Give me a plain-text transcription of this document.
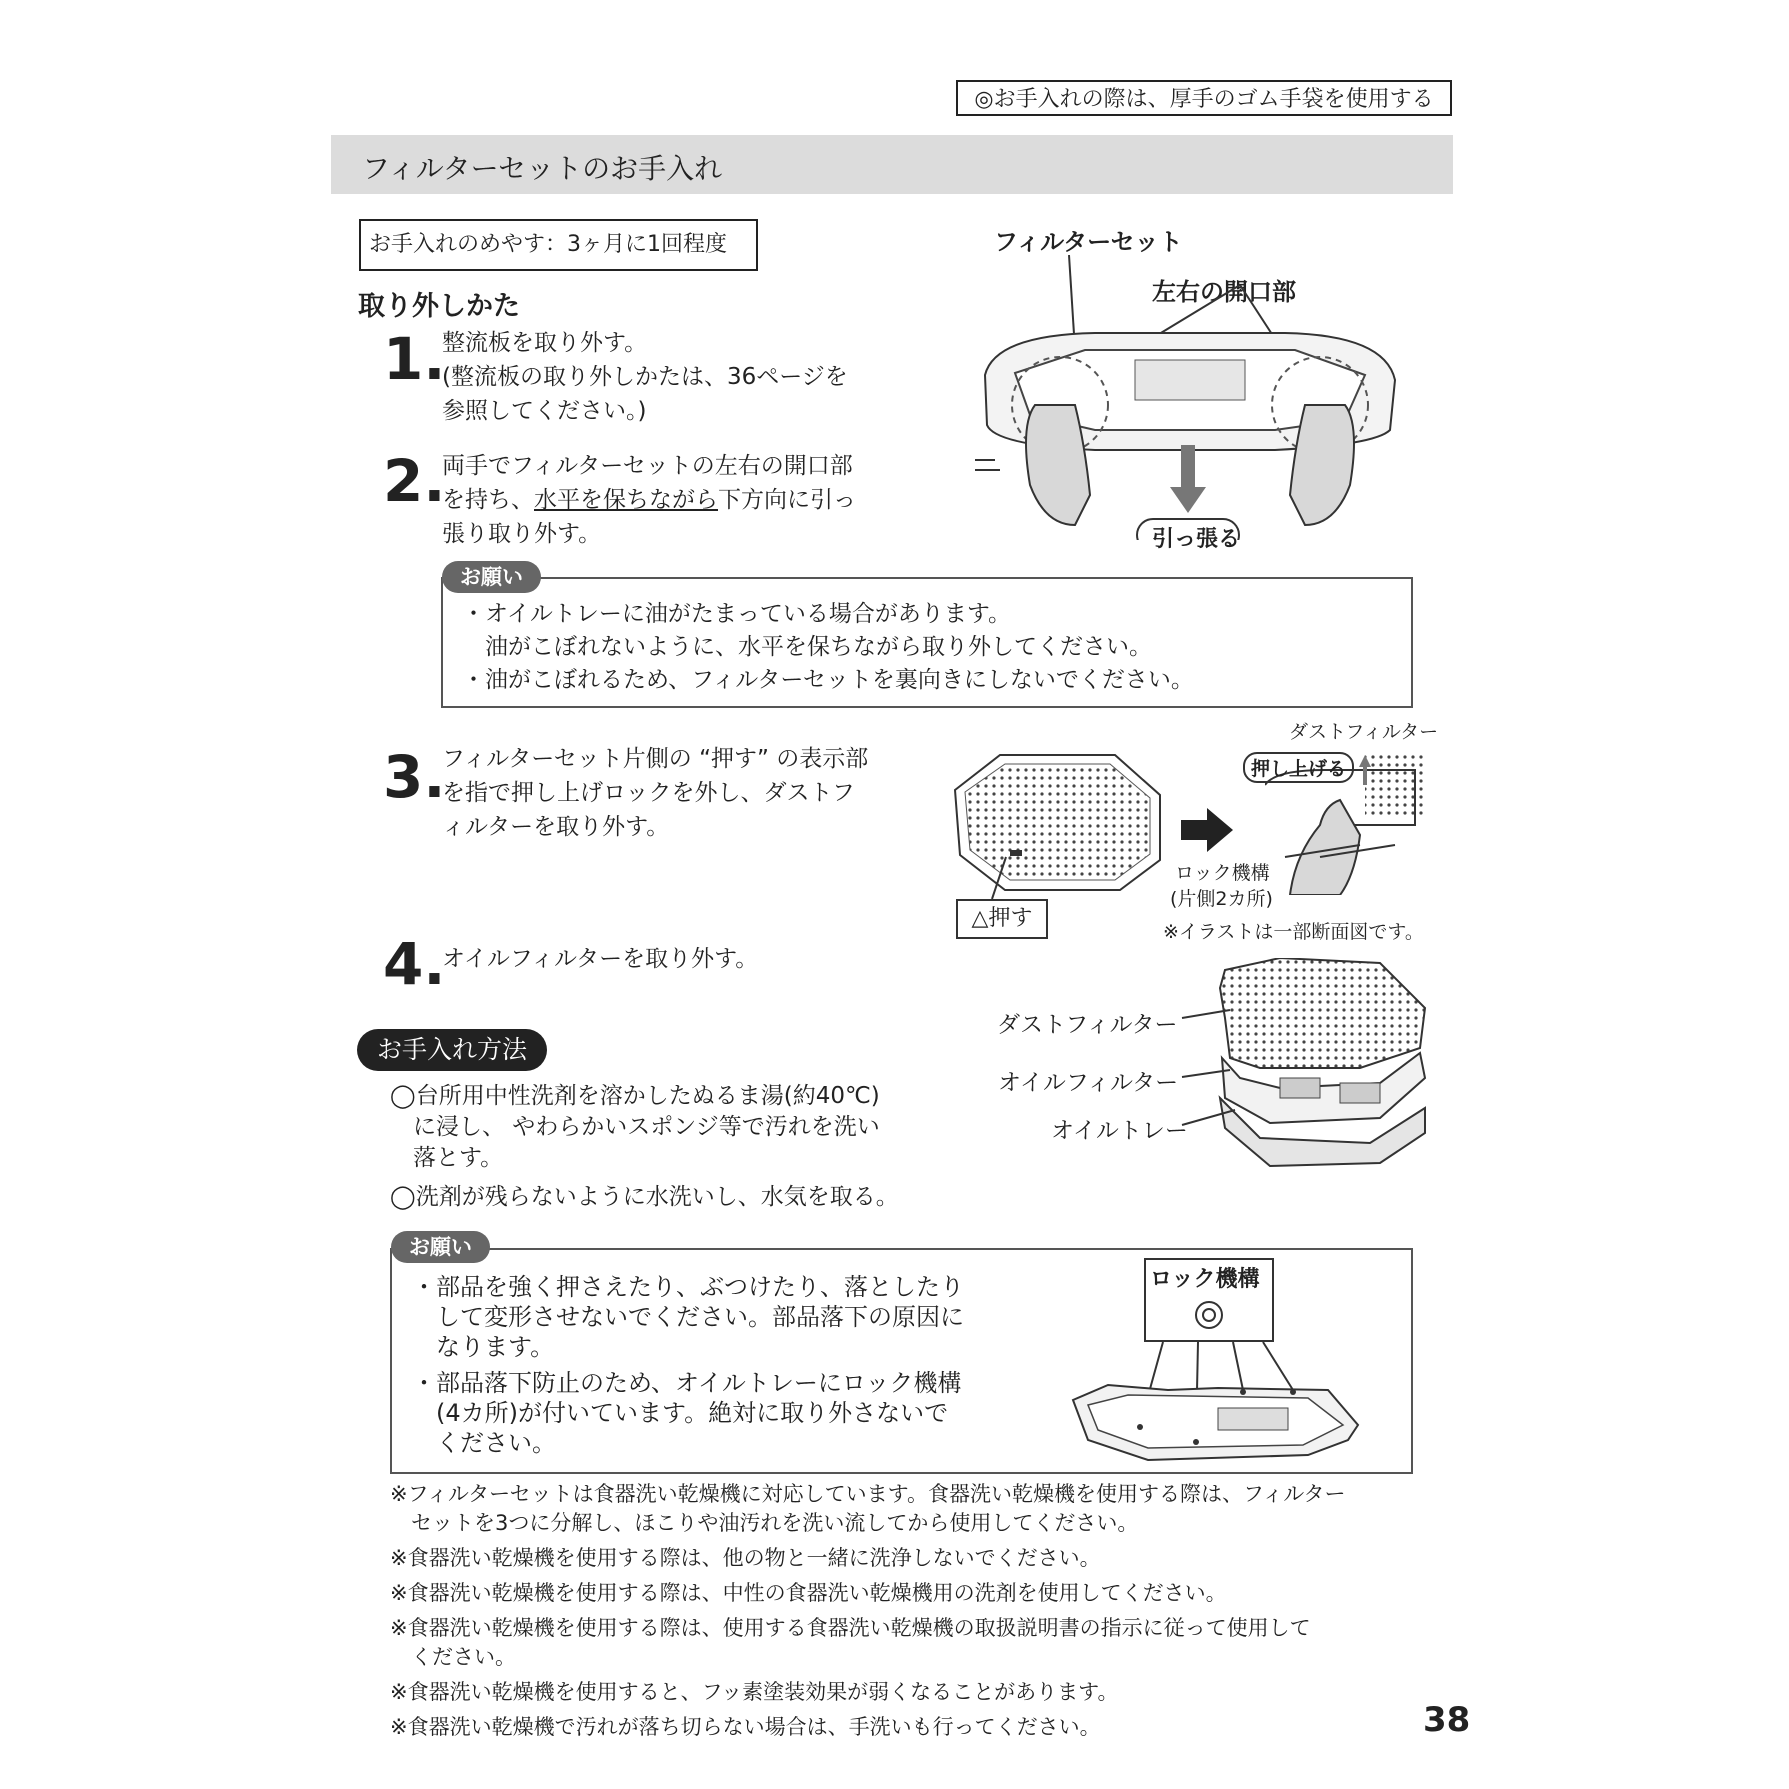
◎お手入れの際は、厚手のゴム手袋を使用する
フィルターセットのお手入れ
お手入れのめやす：3ヶ月に1回程度
取り外しかた
1.
整流板を取り外す。
(整流板の取り外しかたは、36ページを
参照してください。)
2.
両手でフィルターセットの左右の開口部
を持ち、水平を保ちながら下方向に引っ
張り取り外す。
フィルターセット
左右の開口部
引っ張る
お願い
・オイルトレーに油がたまっている場合があります。
　油がこぼれないように、水平を保ちながら取り外してください。
・油がこぼれるため、フィルターセットを裏向きにしないでください。
3.
フィルターセット片側の “押す” の表示部
を指で押し上げロックを外し、ダストフ
ィルターを取り外す。
ダストフィルター
押し上げる
ロック機構
(片側2カ所)
△押す
※イラストは一部断面図です。
4.
オイルフィルターを取り外す。
ダストフィルター
オイルフィルター
オイルトレー
お手入れ方法
◯台所用中性洗剤を溶かしたぬるま湯(約40℃)
　に浸し、 やわらかいスポンジ等で汚れを洗い
　落とす。
◯洗剤が残らないように水洗いし、水気を取る。
お願い
・部品を強く押さえたり、ぶつけたり、落としたり
　して変形させないでください。部品落下の原因に
　なります。
・部品落下防止のため、オイルトレーにロック機構
　(4カ所)が付いています。絶対に取り外さないで
　ください。
ロック機構

※フィルターセットは食器洗い乾燥機に対応しています。食器洗い乾燥機を使用する際は、フィルター

　セットを3つに分解し、ほこりや油汚れを洗い流してから使用してください。

※食器洗い乾燥機を使用する際は、他の物と一緒に洗浄しないでください。

※食器洗い乾燥機を使用する際は、中性の食器洗い乾燥機用の洗剤を使用してください。

※食器洗い乾燥機を使用する際は、使用する食器洗い乾燥機の取扱説明書の指示に従って使用して

　ください。

※食器洗い乾燥機を使用すると、フッ素塗装効果が弱くなることがあります。

※食器洗い乾燥機で汚れが落ち切らない場合は、手洗いも行ってください。	38
